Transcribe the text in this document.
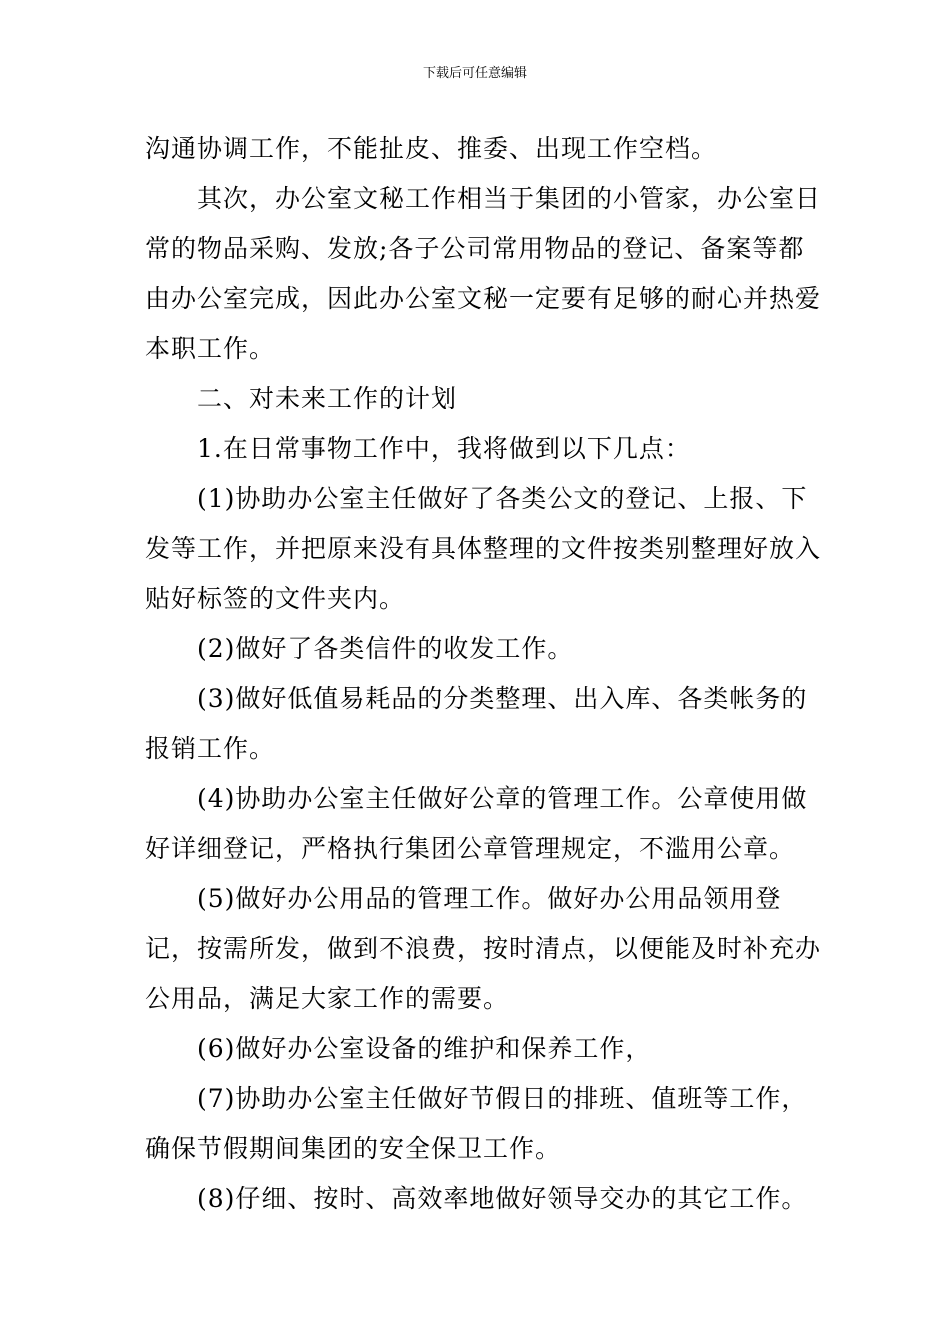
下载后可任意编辑

沟通协调工作，不能扯皮、推委、出现工作空档。

其次，办公室文秘工作相当于集团的小管家，办公室日常的物品采购、发放;各子公司常用物品的登记、备案等都由办公室完成，因此办公室文秘一定要有足够的耐心并热爱本职工作。

二、对未来工作的计划

1.在日常事物工作中，我将做到以下几点：

(1)协助办公室主任做好了各类公文的登记、上报、下发等工作，并把原来没有具体整理的文件按类别整理好放入贴好标签的文件夹内。

(2)做好了各类信件的收发工作。

(3)做好低值易耗品的分类整理、出入库、各类帐务的报销工作。

(4)协助办公室主任做好公章的管理工作。公章使用做好详细登记，严格执行集团公章管理规定，不滥用公章。

(5)做好办公用品的管理工作。做好办公用品领用登记，按需所发，做到不浪费，按时清点，以便能及时补充办公用品，满足大家工作的需要。

(6)做好办公室设备的维护和保养工作，

(7)协助办公室主任做好节假日的排班、值班等工作，确保节假期间集团的安全保卫工作。

(8)仔细、按时、高效率地做好领导交办的其它工作。
